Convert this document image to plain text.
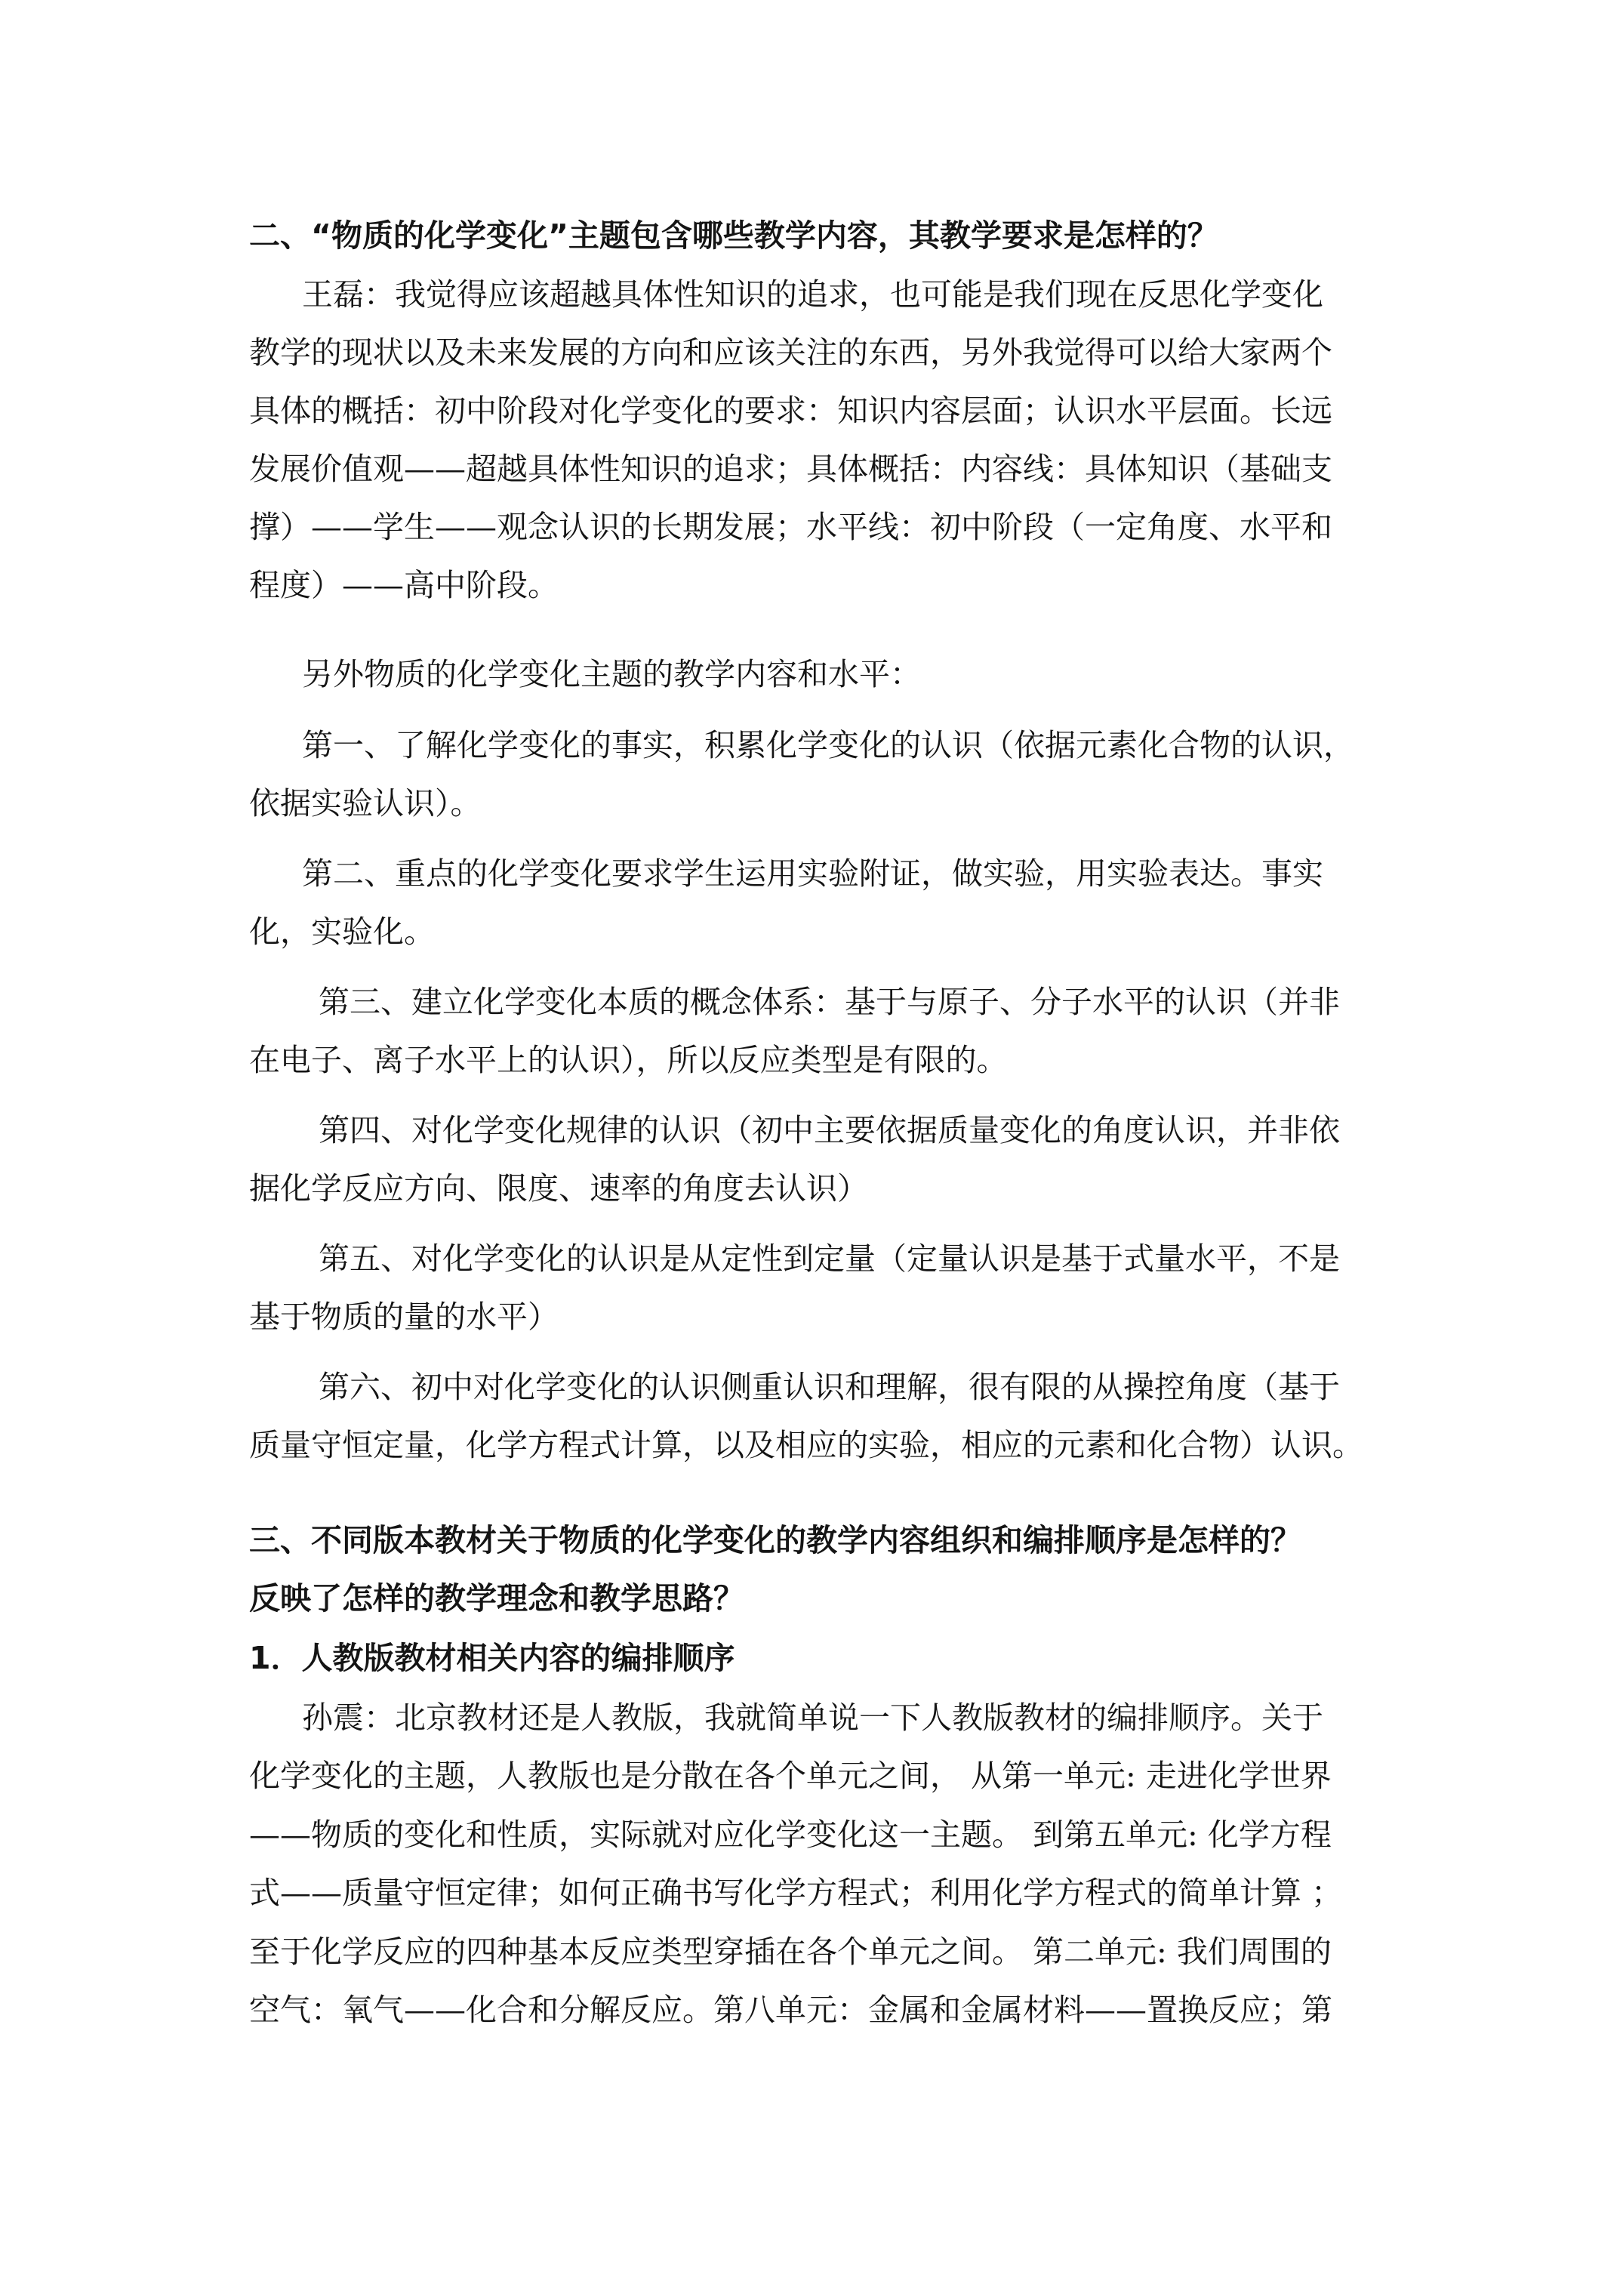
二、“物质的化学变化”主题包含哪些教学内容，其教学要求是怎样的？
王磊：我觉得应该超越具体性知识的追求，也可能是我们现在反思化学变化
教学的现状以及未来发展的方向和应该关注的东西，另外我觉得可以给大家两个
具体的概括：初中阶段对化学变化的要求：知识内容层面；认识水平层面。长远
发展价值观——超越具体性知识的追求；具体概括：内容线：具体知识（基础支
撑）——学生——观念认识的长期发展；水平线：初中阶段（一定角度、水平和
程度）——高中阶段。
另外物质的化学变化主题的教学内容和水平：
第一、了解化学变化的事实，积累化学变化的认识（依据元素化合物的认识，
依据实验认识）。
第二、重点的化学变化要求学生运用实验附证，做实验，用实验表达。事实
化，实验化。
第三、建立化学变化本质的概念体系：基于与原子、分子水平的认识（并非
在电子、离子水平上的认识），所以反应类型是有限的。
第四、对化学变化规律的认识（初中主要依据质量变化的角度认识，并非依
据化学反应方向、限度、速率的角度去认识）
第五、对化学变化的认识是从定性到定量（定量认识是基于式量水平，不是
基于物质的量的水平）
第六、初中对化学变化的认识侧重认识和理解，很有限的从操控角度（基于
质量守恒定量，化学方程式计算，以及相应的实验，相应的元素和化合物）认识。
三、不同版本教材关于物质的化学变化的教学内容组织和编排顺序是怎样的？
反映了怎样的教学理念和教学思路？
1．人教版教材相关内容的编排顺序
孙震：北京教材还是人教版，我就简单说一下人教版教材的编排顺序。关于
化学变化的主题，人教版也是分散在各个单元之间， 从第一单元: 走进化学世界
——物质的变化和性质，实际就对应化学变化这一主题。 到第五单元: 化学方程
式——质量守恒定律；如何正确书写化学方程式；利用化学方程式的简单计算 ；
至于化学反应的四种基本反应类型穿插在各个单元之间。 第二单元: 我们周围的
空气：氧气——化合和分解反应。第八单元：金属和金属材料——置换反应；第
